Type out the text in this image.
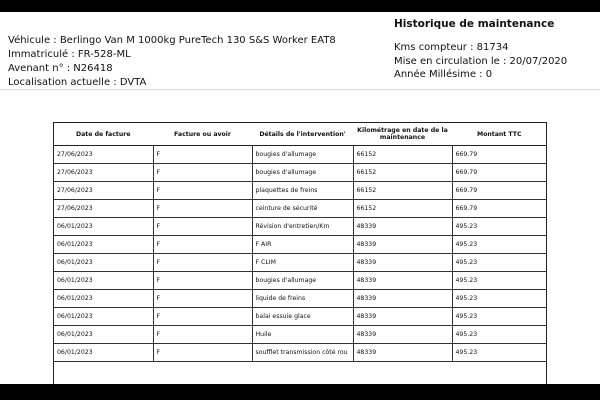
Véhicule : Berlingo Van M 1000kg PureTech 130 S&S Worker EAT8
Immatriculé : FR-528-ML
Avenant n° : N26418
Localisation actuelle : DVTA
Historique de maintenance
Kms compteur : 81734
Mise en circulation le : 20/07/2020
Année Millésime : 0
Date de facture	Facture ou avoir	Détails de l'intervention'	Kilométrage en date de la maintenance	Montant TTC
27/06/2023	F	bougies d'allumage	66152	669.79
27/06/2023	F	bougies d'allumage	66152	669.79
27/06/2023	F	plaquettes de freins	66152	669.79
27/06/2023	F	ceinture de sécurité	66152	669.79
06/01/2023	F	Révision d'entretien/Km	48339	495.23
06/01/2023	F	F AIR	48339	495.23
06/01/2023	F	F CLIM	48339	495.23
06/01/2023	F	bougies d'allumage	48339	495.23
06/01/2023	F	liquide de freins	48339	495.23
06/01/2023	F	balai essuie glace	48339	495.23
06/01/2023	F	Huile	48339	495.23
06/01/2023	F	soufflet transmission côté rou	48339	495.23
